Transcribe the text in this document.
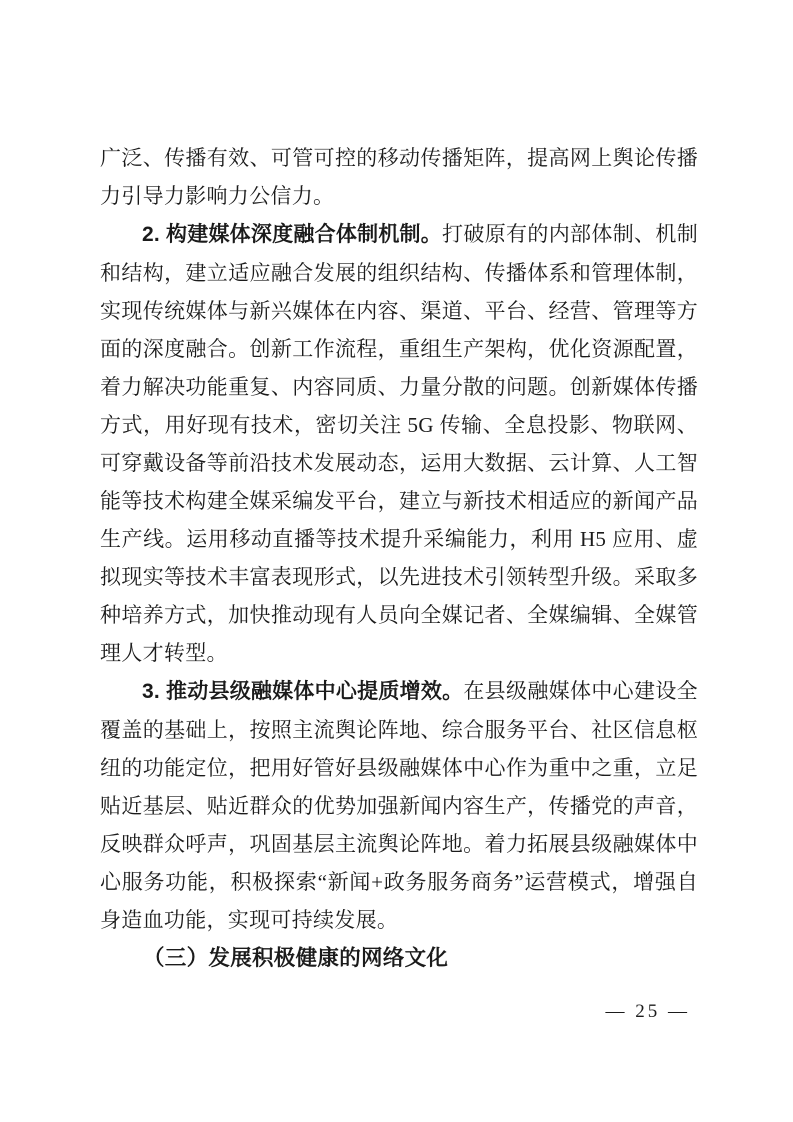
广泛、传播有效、可管可控的移动传播矩阵，提高网上舆论传播力引导力影响力公信力。

2. 构建媒体深度融合体制机制。打破原有的内部体制、机制和结构，建立适应融合发展的组织结构、传播体系和管理体制，实现传统媒体与新兴媒体在内容、渠道、平台、经营、管理等方面的深度融合。创新工作流程，重组生产架构，优化资源配置，着力解决功能重复、内容同质、力量分散的问题。创新媒体传播方式，用好现有技术，密切关注 5G 传输、全息投影、物联网、可穿戴设备等前沿技术发展动态，运用大数据、云计算、人工智能等技术构建全媒采编发平台，建立与新技术相适应的新闻产品生产线。运用移动直播等技术提升采编能力，利用 H5 应用、虚拟现实等技术丰富表现形式，以先进技术引领转型升级。采取多种培养方式，加快推动现有人员向全媒记者、全媒编辑、全媒管理人才转型。

3. 推动县级融媒体中心提质增效。在县级融媒体中心建设全覆盖的基础上，按照主流舆论阵地、综合服务平台、社区信息枢纽的功能定位，把用好管好县级融媒体中心作为重中之重，立足贴近基层、贴近群众的优势加强新闻内容生产，传播党的声音，反映群众呼声，巩固基层主流舆论阵地。着力拓展县级融媒体中心服务功能，积极探索“新闻+政务服务商务”运营模式，增强自身造血功能，实现可持续发展。

（三）发展积极健康的网络文化

— 25 —
